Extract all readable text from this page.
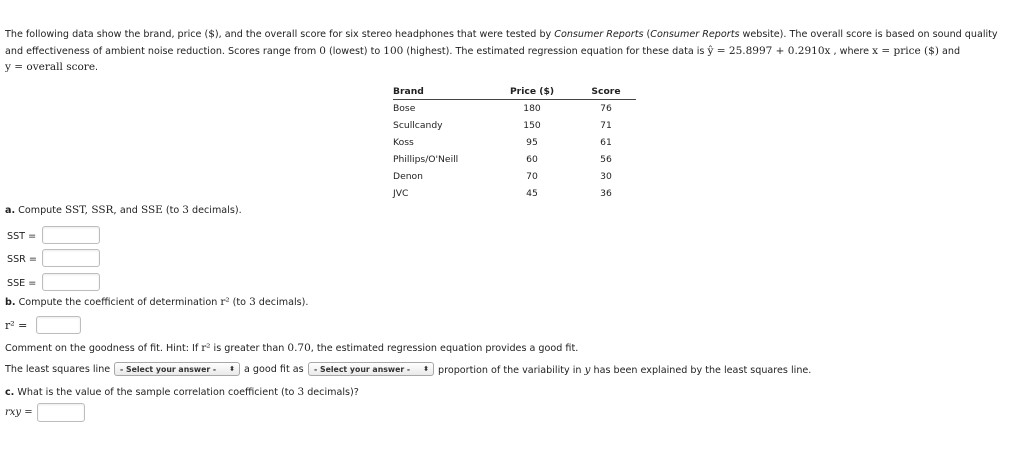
The following data show the brand, price ($), and the overall score for six stereo headphones that were tested by Consumer Reports (Consumer Reports website). The overall score is based on sound quality
and effectiveness of ambient noise reduction. Scores range from 0 (lowest) to 100 (highest). The estimated regression equation for these data is ŷ = 25.8997 + 0.2910x , where x = price ($) and
y = overall score.
Brand	Price ($)	Score
Bose	180	76
Scullcandy	150	71
Koss	95	61
Phillips/O'Neill	60	56
Denon	70	30
JVC	45	36
a. Compute SST, SSR, and SSE (to 3 decimals).
SST =
SSR =
SSE =
b. Compute the coefficient of determination r² (to 3 decimals).
r² =
Comment on the goodness of fit. Hint: If r² is greater than 0.70, the estimated regression equation provides a good fit.
The least squares line	- Select your answer - ⬍ a good fit as	- Select your answer - ⬍ proportion of the variability in y has been explained by the least squares line.
c. What is the value of the sample correlation coefficient (to 3 decimals)?
rxy =
